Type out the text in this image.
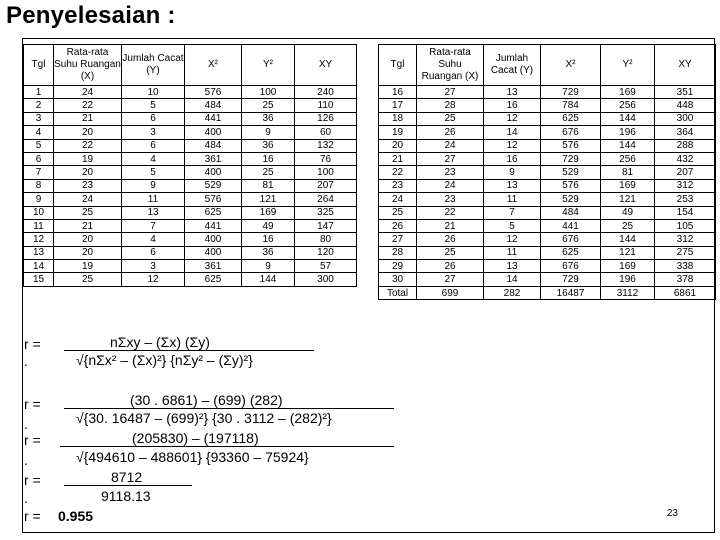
Penyelesaian :
Tgl	Rata-rata Suhu Ruangan (X)	Jumlah Cacat (Y)	X²	Y²	XY
1	24	10	576	100	240
2	22	5	484	25	110
3	21	6	441	36	126
4	20	3	400	9	60
5	22	6	484	36	132
6	19	4	361	16	76
7	20	5	400	25	100
8	23	9	529	81	207
9	24	11	576	121	264
10	25	13	625	169	325
11	21	7	441	49	147
12	20	4	400	16	80
13	20	6	400	36	120
14	19	3	361	9	57
15	25	12	625	144	300
Tgl	Rata-rata Suhu Ruangan (X)	Jumlah Cacat (Y)	X²	Y²	XY
16	27	13	729	169	351
17	28	16	784	256	448
18	25	12	625	144	300
19	26	14	676	196	364
20	24	12	576	144	288
21	27	16	729	256	432
22	23	9	529	81	207
23	24	13	576	169	312
24	23	11	529	121	253
25	22	7	484	49	154
26	21	5	441	25	105
27	26	12	676	144	312
28	25	11	625	121	275
29	26	13	676	169	338
30	27	14	729	196	378
Total	699	282	16487	3112	6861
r =
.
nΣxy – (Σx) (Σy)
√{nΣx² – (Σx)²} {nΣy² – (Σy)²}
r =
.
(30 . 6861) – (699) (282)
√{30. 16487 – (699)²} {30 . 3112 – (282)²}
r =
.
(205830) – (197118)
√{494610 – 488601} {93360 – 75924}
r =
.
8712
9118.13
r = 0.955	23
